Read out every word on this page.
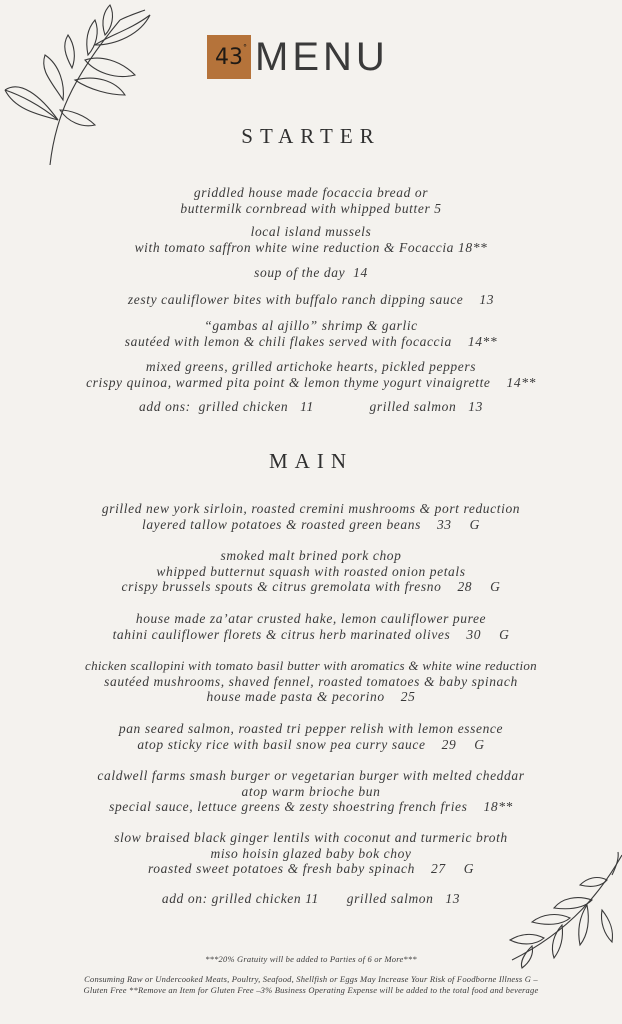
43° MENU
STARTER
griddled house made focaccia bread or
buttermilk cornbread with whipped butter 5
local island mussels
with tomato saffron white wine reduction & Focaccia 18**
soup of the day  14
zesty cauliflower bites with buffalo ranch dipping sauce 13
“gambas al ajillo” shrimp & garlic
sautéed with lemon & chili flakes served with focaccia 14**
mixed greens, grilled artichoke hearts, pickled peppers
crispy quinoa, warmed pita point & lemon thyme yogurt vinaigrette 14**
add ons:  grilled chicken   11              grilled salmon   13
MAIN
grilled new york sirloin, roasted cremini mushrooms & port reduction
layered tallow potatoes & roasted green beans 33 G
smoked malt brined pork chop
whipped butternut squash with roasted onion petals
crispy brussels spouts & citrus gremolata with fresno 28 G
house made za’atar crusted hake, lemon cauliflower puree
tahini cauliflower florets & citrus herb marinated olives 30 G
chicken scallopini with tomato basil butter with aromatics & white wine reduction
sautéed mushrooms, shaved fennel, roasted tomatoes & baby spinach
house made pasta & pecorino 25
pan seared salmon, roasted tri pepper relish with lemon essence
atop sticky rice with basil snow pea curry sauce 29 G
caldwell farms smash burger or vegetarian burger with melted cheddar
atop warm brioche bun
special sauce, lettuce greens & zesty shoestring french fries 18**
slow braised black ginger lentils with coconut and turmeric broth
miso hoisin glazed baby bok choy
roasted sweet potatoes & fresh baby spinach 27 G
add on: grilled chicken 11       grilled salmon   13
***20% Gratuity will be added to Parties of 6 or More***
Consuming Raw or Undercooked Meats, Poultry, Seafood, Shellfish or Eggs May Increase Your Risk of Foodborne Illness G –
Gluten Free **Remove an Item for Gluten Free –3% Business Operating Expense will be added to the total food and beverage
